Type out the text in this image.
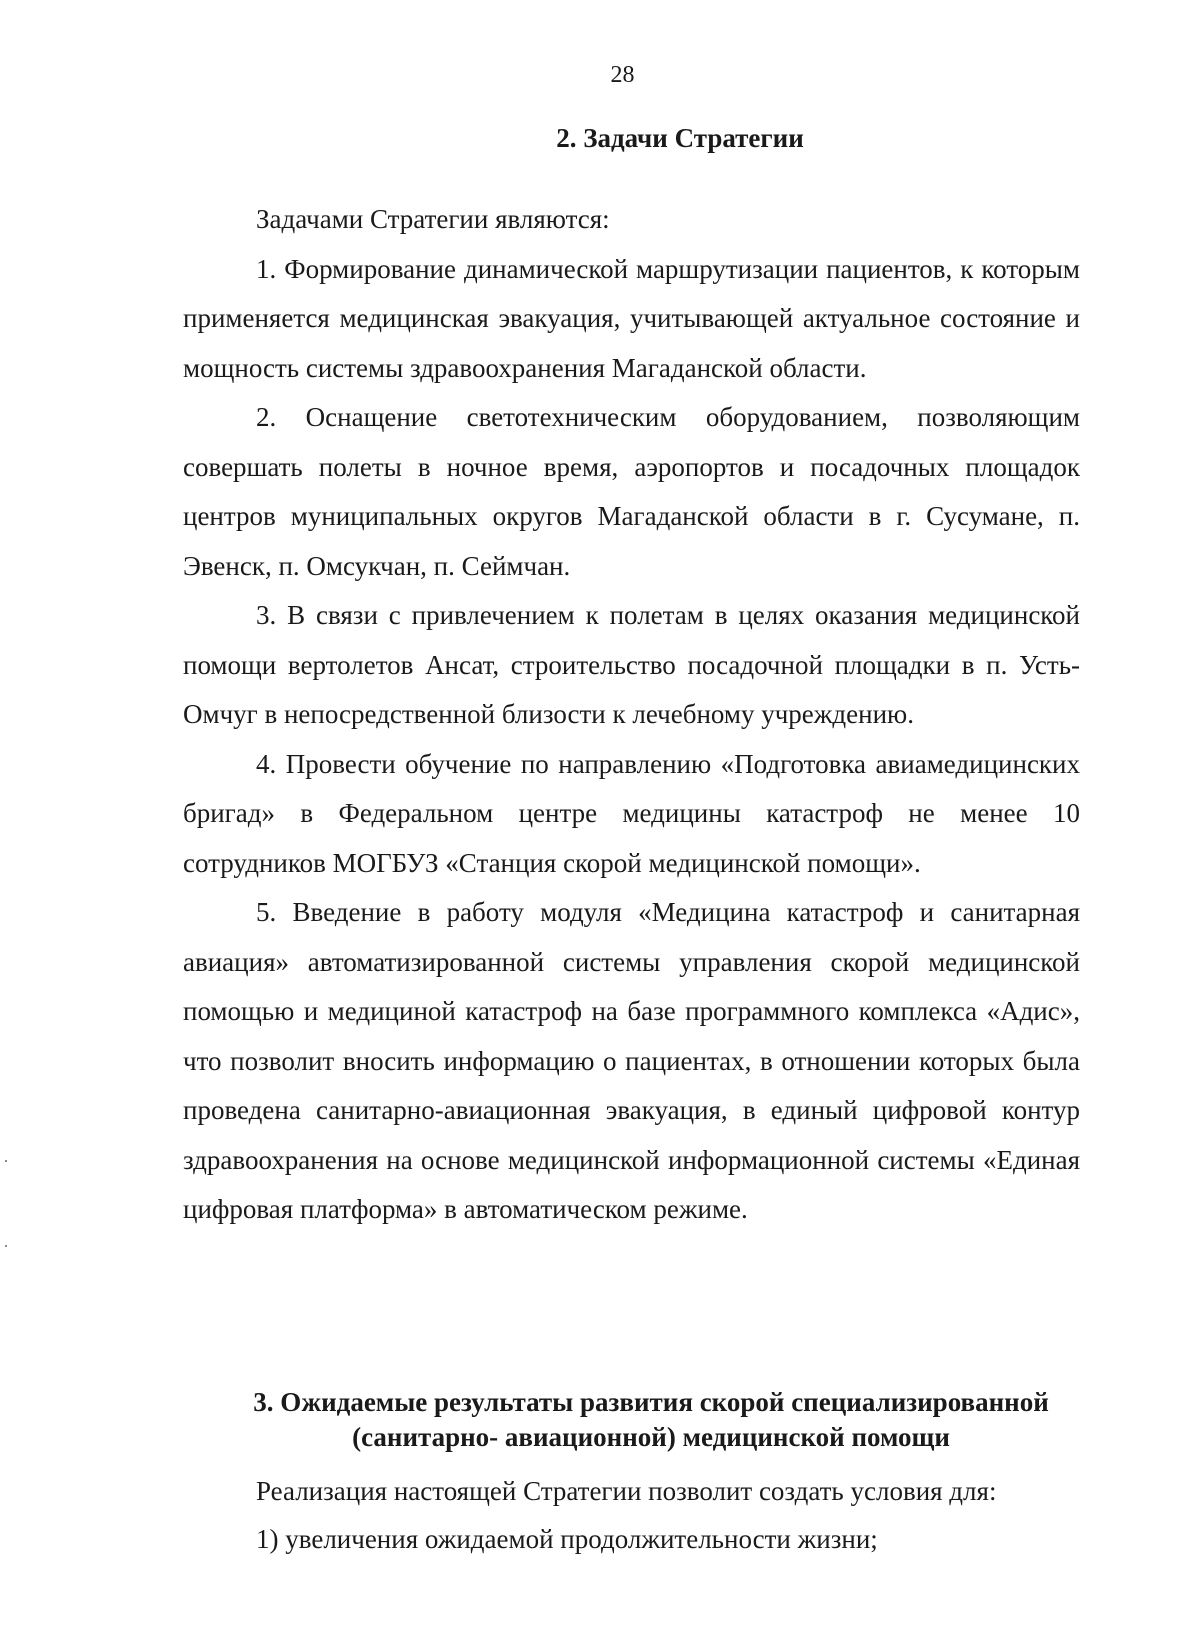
28
2. Задачи Стратегии

Задачами Стратегии являются:

1. Формирование динамической маршрутизации пациентов, к которым применяется медицинская эвакуация, учитывающей актуальное состояние и мощность системы здравоохранения Магаданской области.

2. Оснащение светотехническим оборудованием, позволяющим совершать полеты в ночное время, аэропортов и посадочных площадок центров муниципальных округов Магаданской области в г. Сусумане, п. Эвенск, п. Омсукчан, п. Сеймчан.

3. В связи с привлечением к полетам в целях оказания медицинской помощи вертолетов Ансат, строительство посадочной площадки в п. Усть-Омчуг в непосредственной близости к лечебному учреждению.

4. Провести обучение по направлению «Подготовка авиамедицинских бригад» в Федеральном центре медицины катастроф не менее 10 сотрудников МОГБУЗ «Станция скорой медицинской помощи».

5. Введение в работу модуля «Медицина катастроф и санитарная авиация» автоматизированной системы управления скорой медицинской помощью и медициной катастроф на базе программного комплекса «Адис», что позволит вносить информацию о пациентах, в отношении которых была проведена санитарно-авиационная эвакуация, в единый цифровой контур здравоохранения на основе медицинской информационной системы «Единая цифровая платформа» в автоматическом режиме.

3. Ожидаемые результаты развития скорой специализированной
(санитарно- авиационной) медицинской помощи

Реализация настоящей Стратегии позволит создать условия для:

1) увеличения ожидаемой продолжительности жизни;
